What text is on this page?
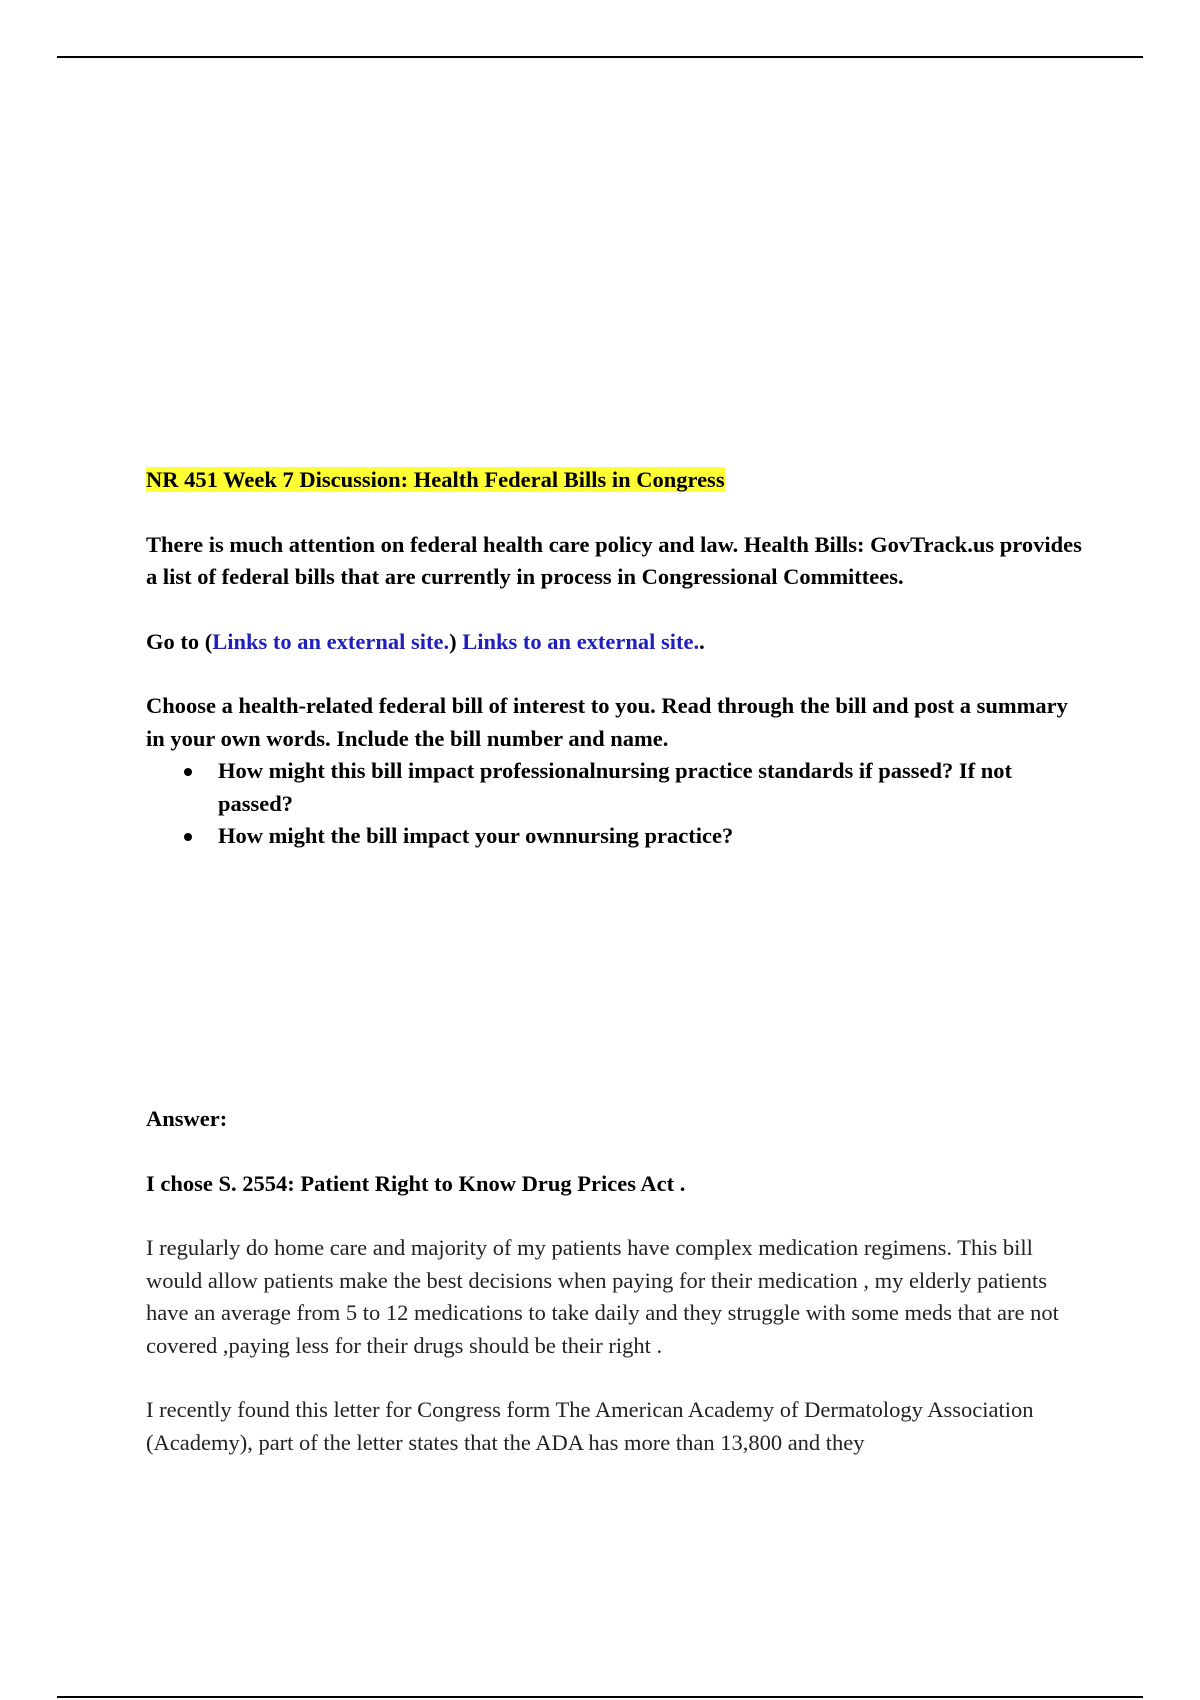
NR 451 Week 7 Discussion: Health Federal Bills in Congress

There is much attention on federal health care policy and law. Health Bills: GovTrack.us provides a list of federal bills that are currently in process in Congressional Committees.

Go to (Links to an external site.) Links to an external site..

Choose a health-related federal bill of interest to you. Read through the bill and post a summary in your own words. Include the bill number and name.

How might this bill impact professionalnursing practice standards if passed? If not passed?
How might the bill impact your ownnursing practice?

Answer:

I chose S. 2554: Patient Right to Know Drug Prices Act .

I regularly do home care and majority of my patients have complex medication regimens. This bill would allow patients make the best decisions when paying for their medication , my elderly patients have an average from 5 to 12 medications to take daily and they struggle with some meds that are not covered ,paying less for their drugs should be their right .

I recently found this letter for Congress form The American Academy of Dermatology Association (Academy), part of the letter states that the ADA has more than 13,800 and they
